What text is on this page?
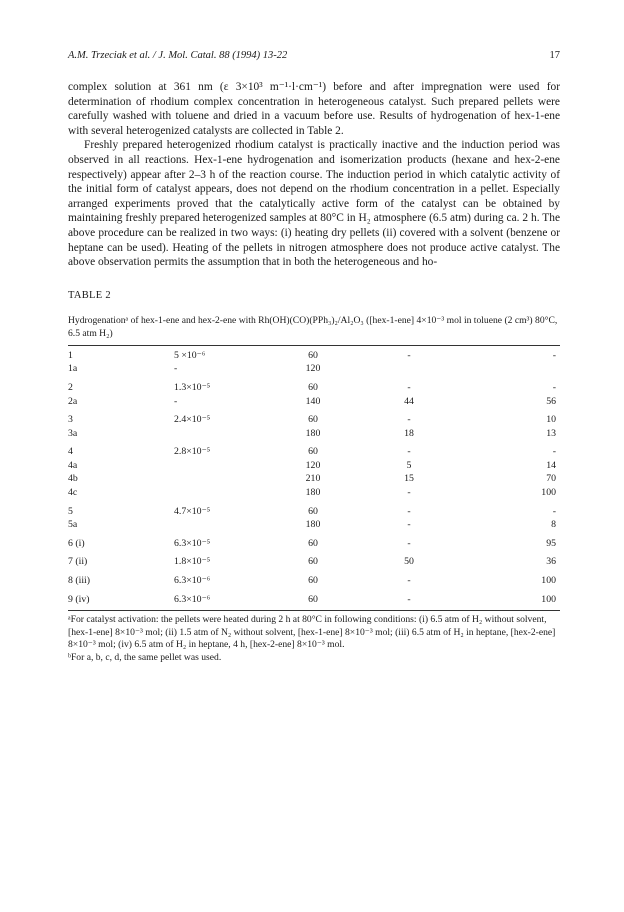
A.M. Trzeciak et al. / J. Mol. Catal. 88 (1994) 13-22	17

complex solution at 361 nm (ε 3×10³ m⁻¹·l·cm⁻¹) before and after impregnation were used for determination of rhodium complex concentration in heterogeneous catalyst. Such prepared pellets were carefully washed with toluene and dried in a vacuum before use. Results of hydrogenation of hex-1-ene with several heterogenized catalysts are collected in Table 2.

Freshly prepared heterogenized rhodium catalyst is practically inactive and the induction period was observed in all reactions. Hex-1-ene hydrogenation and isomerization products (hexane and hex-2-ene respectively) appear after 2–3 h of the reaction course. The induction period in which catalytic activity of the initial form of catalyst appears, does not depend on the rhodium concentration in a pellet. Especially arranged experiments proved that the catalytically active form of the catalyst can be obtained by maintaining freshly prepared heterogenized samples at 80°C in H₂ atmosphere (6.5 atm) during ca. 2 h. The above procedure can be realized in two ways: (i) heating dry pellets (ii) covered with a solvent (benzene or heptane can be used). Heating of the pellets in nitrogen atmosphere does not produce active catalyst. The above observation permits the assumption that in both the heterogeneous and ho-

TABLE 2
Hydrogenationᵃ of hex-1-ene and hex-2-ene with Rh(OH)(CO)(PPh₃)₂/Al₂O₃ ([hex-1-ene] 4×10⁻³ mol in toluene (2 cm³) 80°C, 6.5 atm H₂)
1	5 ×10⁻⁶	60	-	-
1a	-	120		
2	1.3×10⁻⁵	60	-	-
2a	-	140	44	56
3	2.4×10⁻⁵	60	-	10
3a		180	18	13
4	2.8×10⁻⁵	60	-	-
4a		120	5	14
4b		210	15	70
4c		180	-	100
5	4.7×10⁻⁵	60	-	-
5a		180	-	8
6 (i)	6.3×10⁻⁵	60	-	95
7 (ii)	1.8×10⁻⁵	60	50	36
8 (iii)	6.3×10⁻⁶	60	-	100
9 (iv)	6.3×10⁻⁶	60	-	100

ᵃFor catalyst activation: the pellets were heated during 2 h at 80°C in following conditions: (i) 6.5 atm of H₂ without solvent, [hex-1-ene] 8×10⁻³ mol; (ii) 1.5 atm of N₂ without solvent, [hex-1-ene] 8×10⁻³ mol; (iii) 6.5 atm of H₂ in heptane, [hex-2-ene] 8×10⁻³ mol; (iv) 6.5 atm of H₂ in heptane, 4 h, [hex-2-ene] 8×10⁻³ mol.

ᵇFor a, b, c, d, the same pellet was used.
